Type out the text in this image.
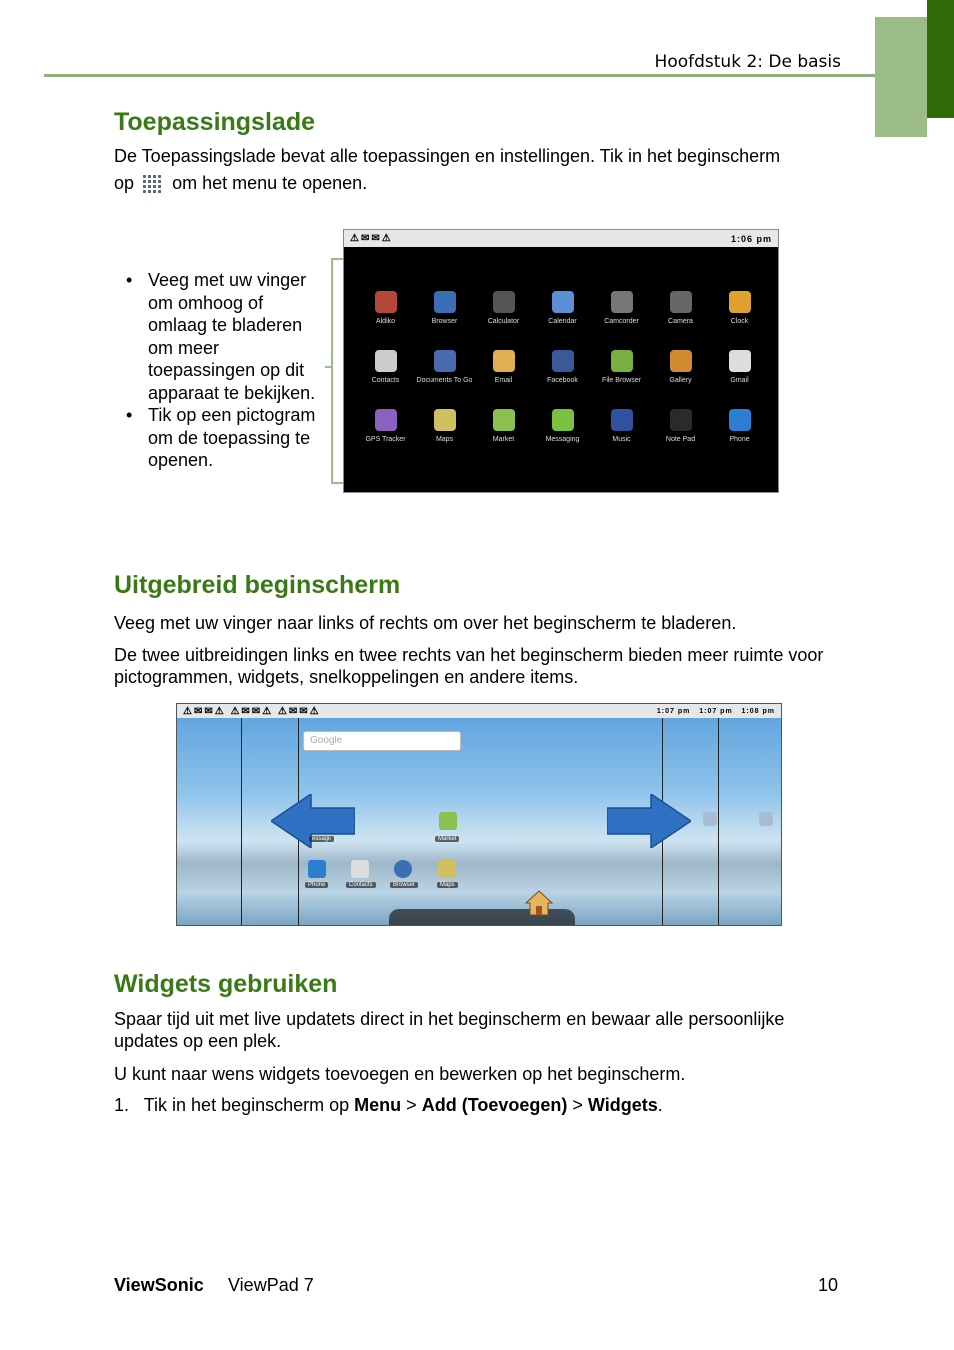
Hoofdstuk 2: De basis
Toepassingslade

De Toepassingslade bevat alle toepassingen en instellingen. Tik in het beginscherm

op om het menu te openen.

• Veeg met uw vinger om omhoog of omlaag te bladeren om meer toepassingen op dit apparaat te bekijken.
• Tik op een pictogram om de toepassing te openen.
⚠✉✉⚠	1:06 pm
Aldiko	Browser	Calculator	Calendar	Camcorder	Camera	Clock
Contacts Documents To Go	Email	Facebook	File Browser	Gallery	Gmail
GPS Tracker	Maps	Market	Messaging	Music	Note Pad	Phone
Uitgebreid beginscherm

Veeg met uw vinger naar links of rechts om over het beginscherm te bladeren.

De twee uitbreidingen links en twee rechts van het beginscherm bieden meer ruimte voor pictogrammen, widgets, snelkoppelingen en andere items.

⚠✉✉⚠ ⚠✉✉⚠ ⚠✉✉⚠	1:07 pm 1:07 pm 1:08 pm
Google
essagii	Market
Phone	Contacts	Browser	Maps
Widgets gebruiken

Spaar tijd uit met live updatets direct in het beginscherm en bewaar alle persoonlijke updates op een plek.

U kunt naar wens widgets toevoegen en bewerken op het beginscherm.

1. Tik in het beginscherm op Menu > Add (Toevoegen) > Widgets.
ViewSonic ViewPad 7	10
